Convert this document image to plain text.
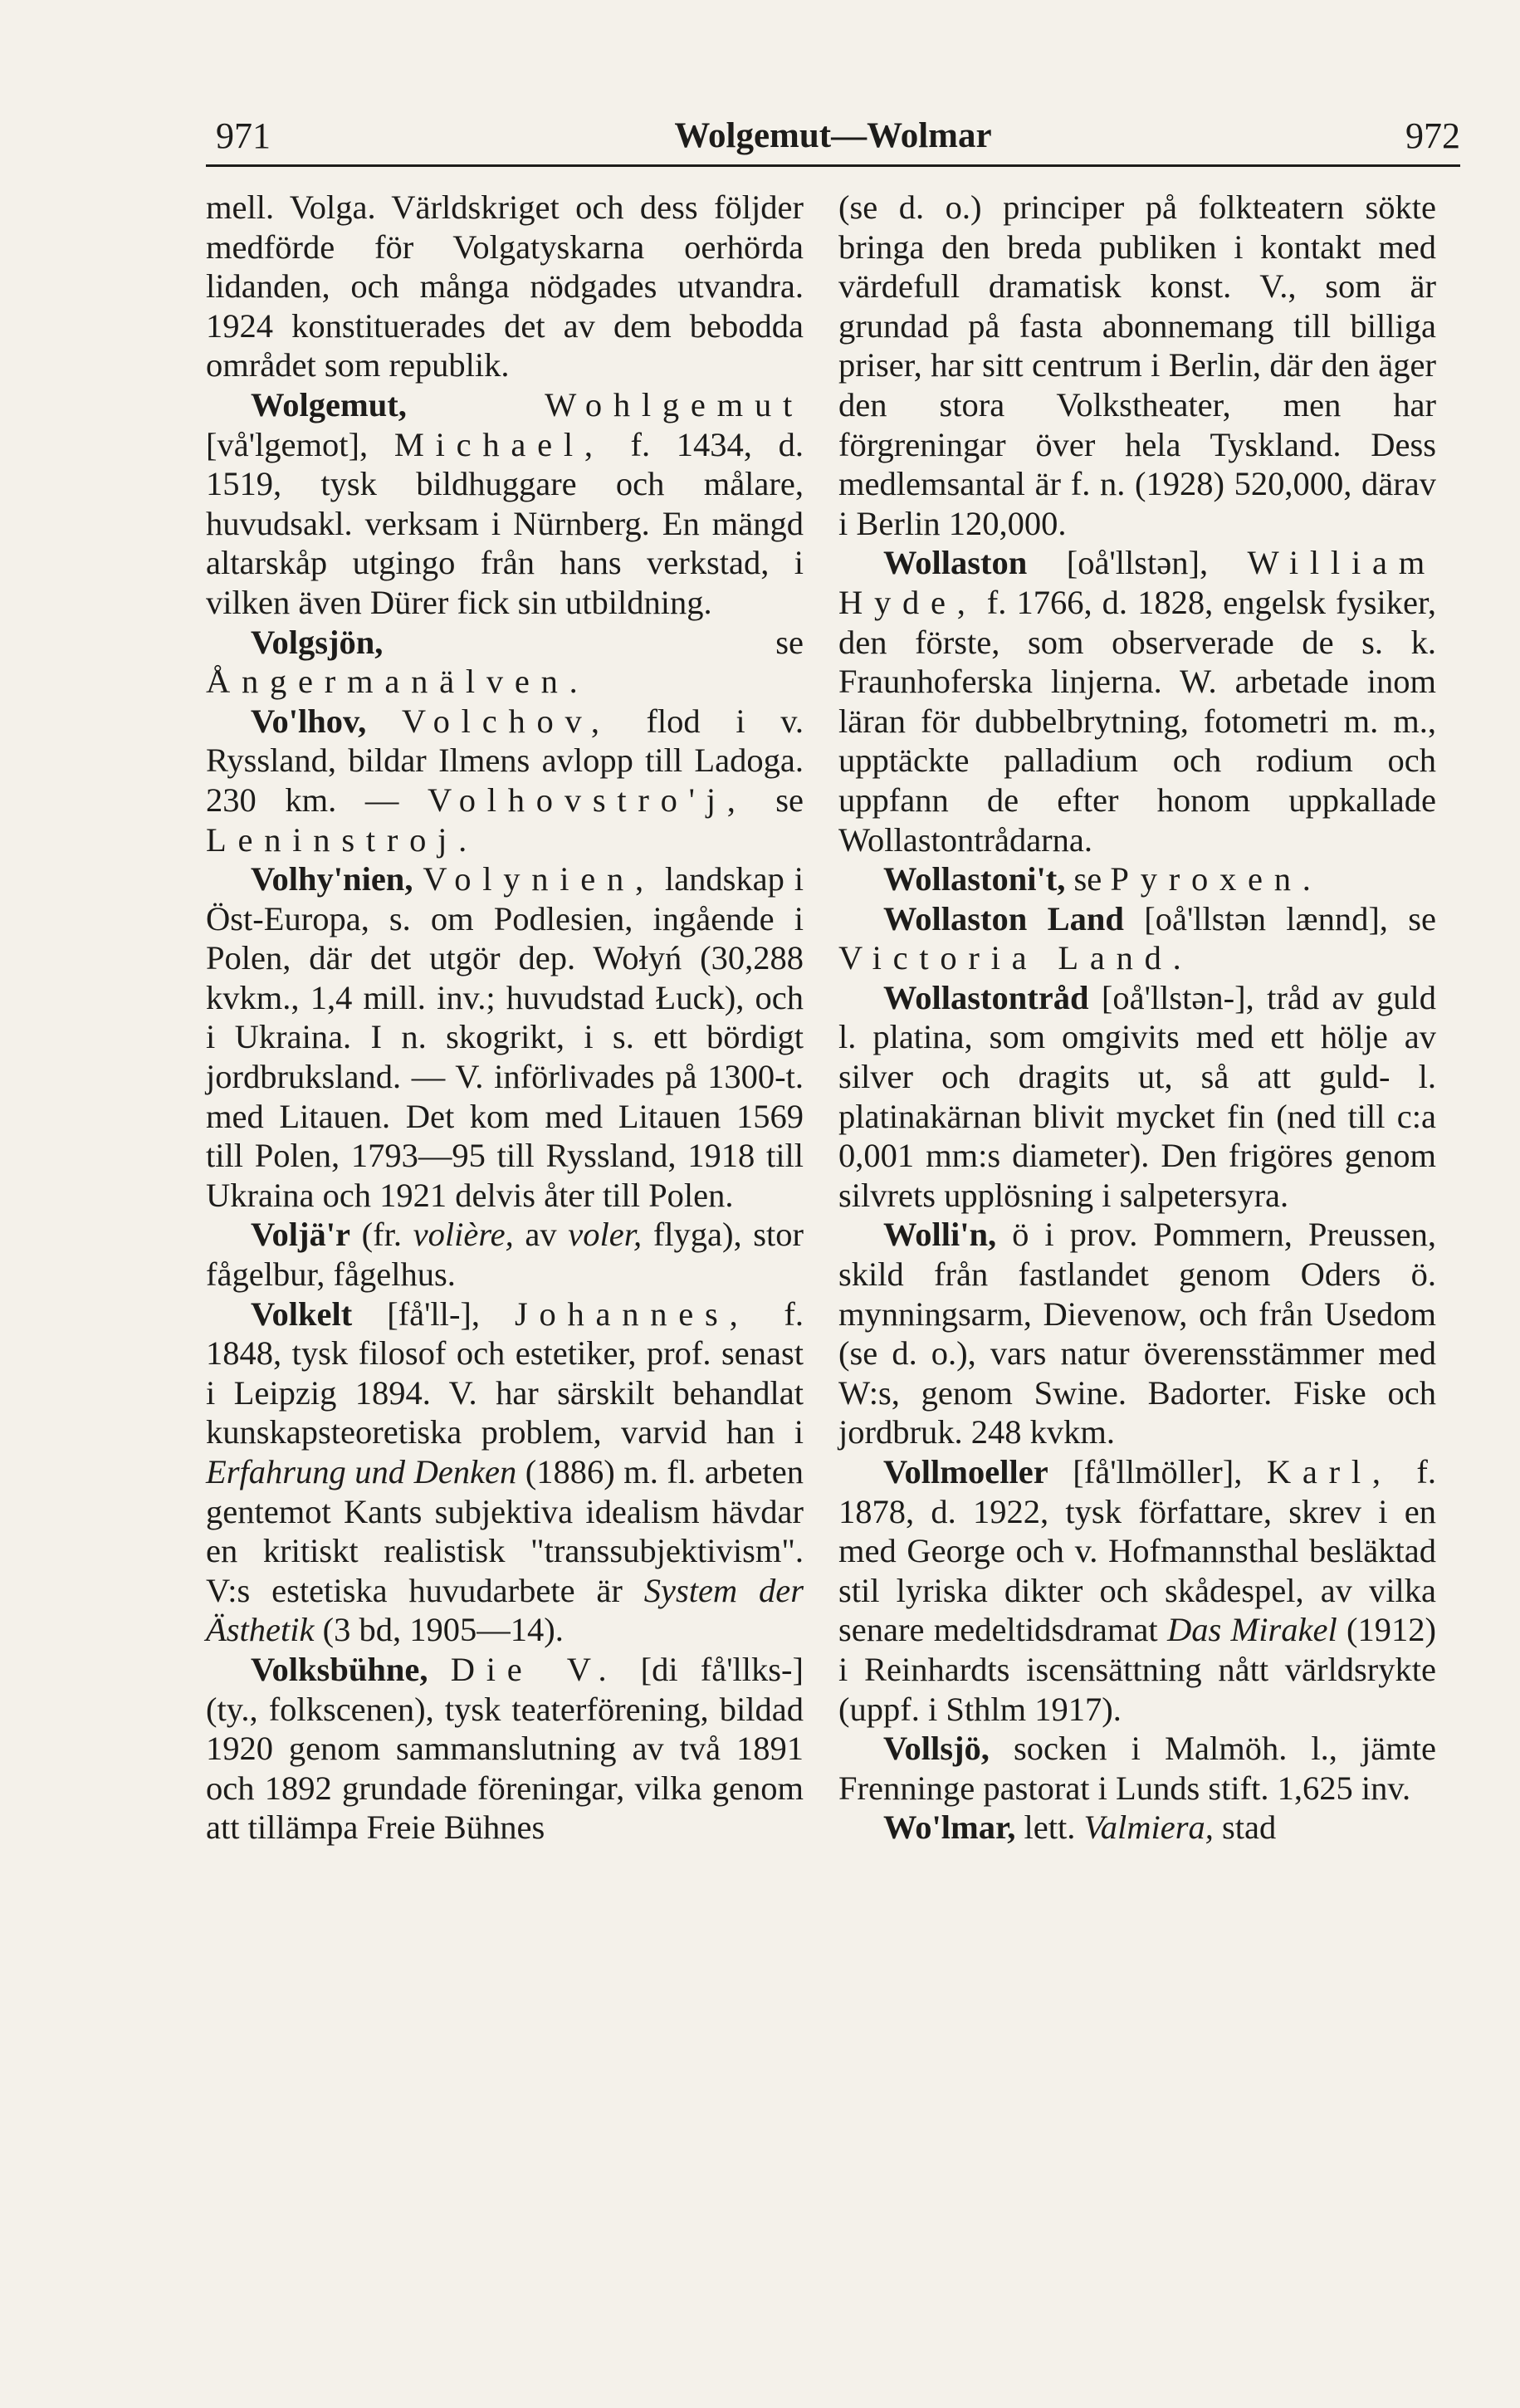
971	Wolgemut—Wolmar	972

mell. Volga. Världskriget och dess följder medförde för Volgatyskarna oerhörda lidanden, och många nödgades utvandra. 1924 konstituerades det av dem bebodda området som republik.

Wolgemut,	Wohlgemut [vå'lgemot], Michael, f. 1434, d. 1519, tysk bildhuggare och målare, huvudsakl. verksam i Nürnberg. En mängd altarskåp utgingo från hans verkstad, i vilken även Dürer fick sin utbildning.

Volgsjön,	se Ångermanälven.

Vo'lhov, Volchov, flod i v. Ryssland, bildar Ilmens avlopp till Ladoga. 230 km. — Volhovstro'j, se Leninstroj.

Volhy'nien, Volynien, landskap i Öst-Europa, s. om Podlesien, ingående i Polen, där det utgör dep. Wołyń (30,288 kvkm., 1,4 mill. inv.; huvudstad Łuck), och i Ukraina. I n. skogrikt, i s. ett bördigt jordbruksland. — V. införlivades på 1300-t. med Litauen. Det kom med Litauen 1569 till Polen, 1793—95 till Ryssland, 1918 till Ukraina och 1921 delvis åter till Polen.

Voljä'r (fr. volière, av voler, flyga), stor fågelbur, fågelhus.

Volkelt [få'll-], Johannes, f. 1848, tysk filosof och estetiker, prof. senast i Leipzig 1894. V. har särskilt behandlat kunskapsteoretiska problem, varvid han i Erfahrung und Denken (1886) m. fl. arbeten gentemot Kants subjektiva idealism hävdar en kritiskt realistisk "transsubjektivism". V:s estetiska huvudarbete är System der Ästhetik (3 bd, 1905—14).

Volksbühne, Die V. [di få'llks-] (ty., folkscenen), tysk teaterförening, bildad 1920 genom sammanslutning av två 1891 och 1892 grundade föreningar, vilka genom att tillämpa Freie Bühnes

(se d. o.) principer på folkteatern sökte bringa den breda publiken i kontakt med värdefull dramatisk konst. V., som är grundad på fasta abonnemang till billiga priser, har sitt centrum i Berlin, där den äger den stora Volkstheater, men har förgreningar över hela Tyskland. Dess medlemsantal är f. n. (1928) 520,000, därav i Berlin 120,000.

Wollaston [oå'llstən], William Hyde, f. 1766, d. 1828, engelsk fysiker, den förste, som observerade de s. k. Fraunhoferska linjerna. W. arbetade inom läran för dubbelbrytning, fotometri m. m., upptäckte palladium och rodium och uppfann de efter honom uppkallade Wollastontrådarna.

Wollastoni't, se Pyroxen.

Wollaston Land [oå'llstən lænnd], se Victoria Land.

Wollastontråd [oå'llstən-], tråd av guld l. platina, som omgivits med ett hölje av silver och dragits ut, så att guld- l. platinakärnan blivit mycket fin (ned till c:a 0,001 mm:s diameter). Den frigöres genom silvrets upplösning i salpetersyra.

Wolli'n, ö i prov. Pommern, Preussen, skild från fastlandet genom Oders ö. mynningsarm, Dievenow, och från Usedom (se d. o.), vars natur överensstämmer med W:s, genom Swine. Badorter. Fiske och jordbruk. 248 kvkm.

Vollmoeller [få'llmöller], Karl, f. 1878, d. 1922, tysk författare, skrev i en med George och v. Hofmannsthal besläktad stil lyriska dikter och skådespel, av vilka senare medeltidsdramat Das Mirakel (1912) i Reinhardts iscensättning nått världsrykte (uppf. i Sthlm 1917).

Vollsjö, socken i Malmöh. l., jämte Frenninge pastorat i Lunds stift. 1,625 inv.

Wo'lmar, lett. Valmiera, stad
